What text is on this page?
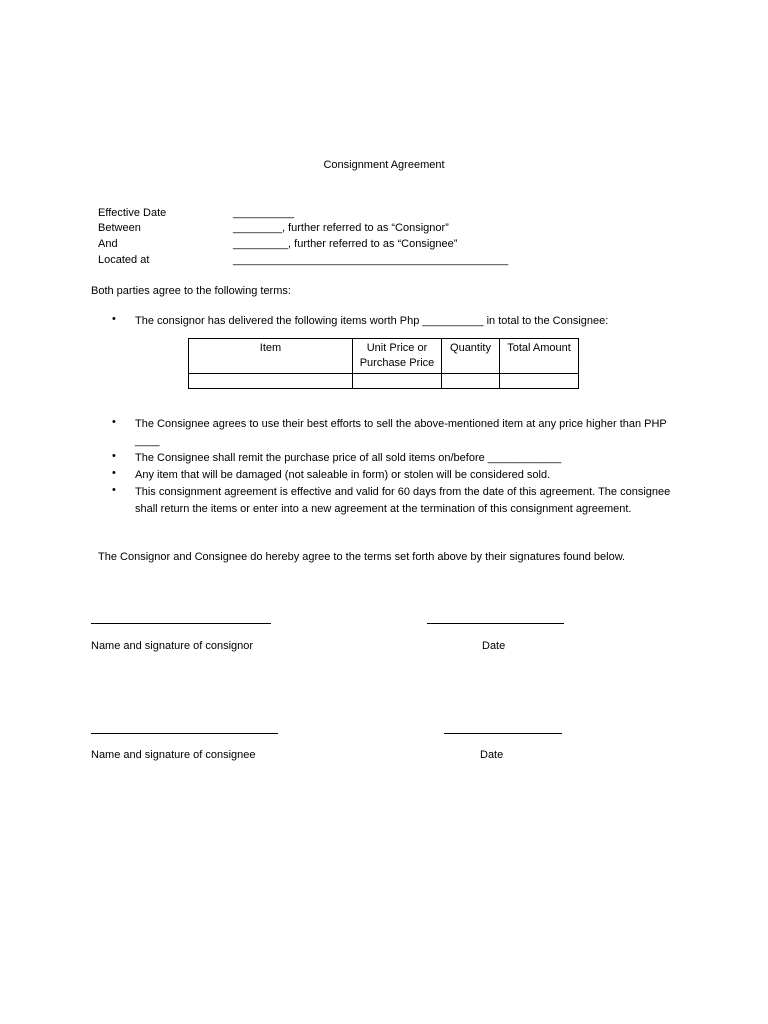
Consignment Agreement
Effective Date	__________
Between	________, further referred to as “Consignor”
And	_________, further referred to as “Consignee”
Located at	_____________________________________________
Both parties agree to the following terms:
• The consignor has delivered the following items worth Php __________ in total to the Consignee:
Item	Unit Price or Purchase Price	Quantity	Total Amount

• The Consignee agrees to use their best efforts to sell the above-mentioned item at any price higher than PHP ____
• The Consignee shall remit the purchase price of all sold items on/before ____________
• Any item that will be damaged (not saleable in form) or stolen will be considered sold.
• This consignment agreement is effective and valid for 60 days from the date of this agreement. The consignee shall return the items or enter into a new agreement at the termination of this consignment agreement.
The Consignor and Consignee do hereby agree to the terms set forth above by their signatures found below.
Name and signature of consignor	Date
Name and signature of consignee	Date
